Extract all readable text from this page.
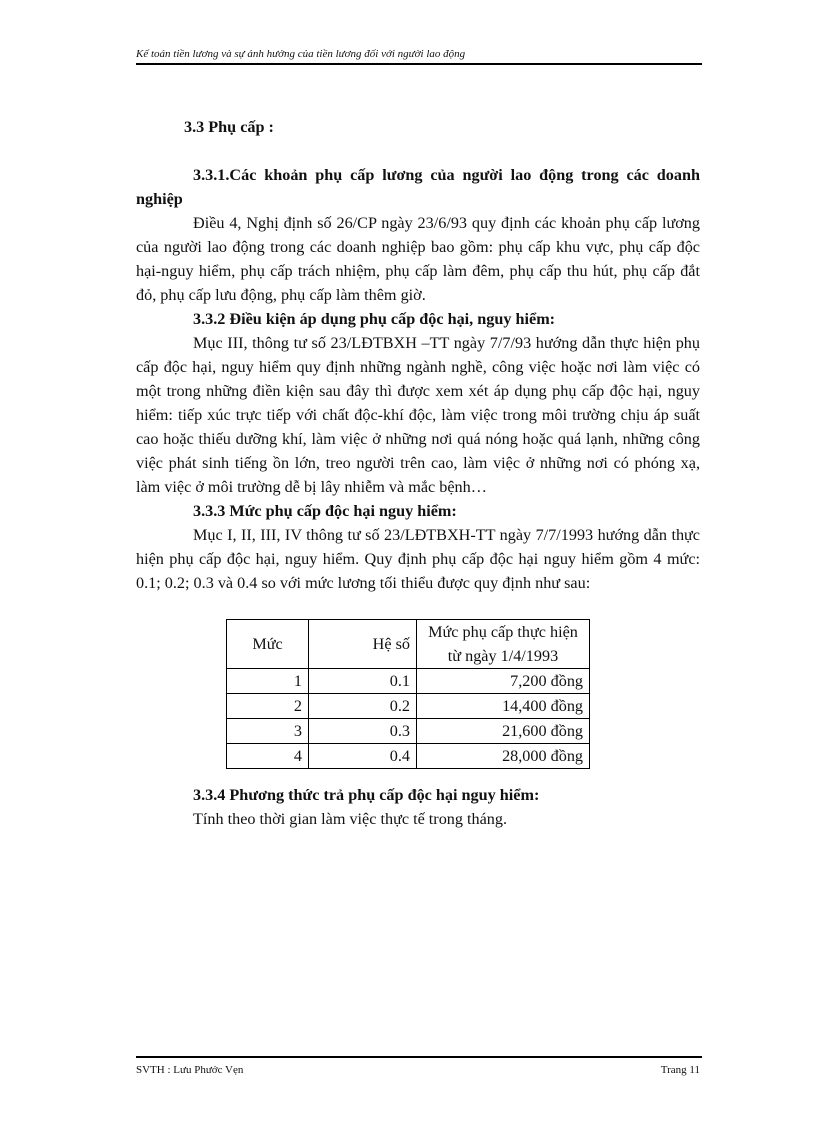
Kế toán tiền lương và sự ảnh hưởng của tiền lương đối với người lao động

3.3 Phụ cấp :

3.3.1.Các khoản phụ cấp lương của người lao động trong các doanh nghiệp

Điều 4, Nghị định số 26/CP ngày 23/6/93 quy định các khoản phụ cấp lương của người lao động trong các doanh nghiệp bao gồm: phụ cấp khu vực, phụ cấp độc hại-nguy hiểm, phụ cấp trách nhiệm, phụ cấp làm đêm, phụ cấp thu hút, phụ cấp đắt đỏ, phụ cấp lưu động, phụ cấp làm thêm giờ.

3.3.2 Điều kiện áp dụng phụ cấp độc hại, nguy hiểm:

Mục III, thông tư số 23/LĐTBXH –TT ngày 7/7/93 hướng dẫn thực hiện phụ cấp độc hại, nguy hiểm quy định những ngành nghề, công việc hoặc nơi làm việc có một trong những điền kiện sau đây thì được xem xét áp dụng phụ cấp độc hại, nguy hiểm: tiếp xúc trực tiếp với chất độc-khí độc, làm việc trong môi trường chịu áp suất cao hoặc thiếu dưỡng khí, làm việc ở những nơi quá nóng hoặc quá lạnh, những công việc phát sinh tiếng ồn lớn, treo người trên cao, làm việc ở những nơi có phóng xạ, làm việc ở môi trường dễ bị lây nhiễm và mắc bệnh…

3.3.3 Mức phụ cấp độc hại nguy hiểm:

Mục I, II, III, IV thông tư số 23/LĐTBXH-TT ngày 7/7/1993 hướng dẫn thực hiện phụ cấp độc hại, nguy hiểm. Quy định phụ cấp độc hại nguy hiểm gồm 4 mức: 0.1; 0.2; 0.3 và 0.4 so với mức lương tối thiểu được quy định như sau:

Mức	Hệ số	Mức phụ cấp thực hiện
từ ngày 1/4/1993

1	0.1	7,200 đồng
2	0.2	14,400 đồng
3	0.3	21,600 đồng
4	0.4	28,000 đồng

3.3.4 Phương thức trả phụ cấp độc hại nguy hiểm:

Tính theo thời gian làm việc thực tế trong tháng.

SVTH : Lưu Phước Vẹn	Trang 11
